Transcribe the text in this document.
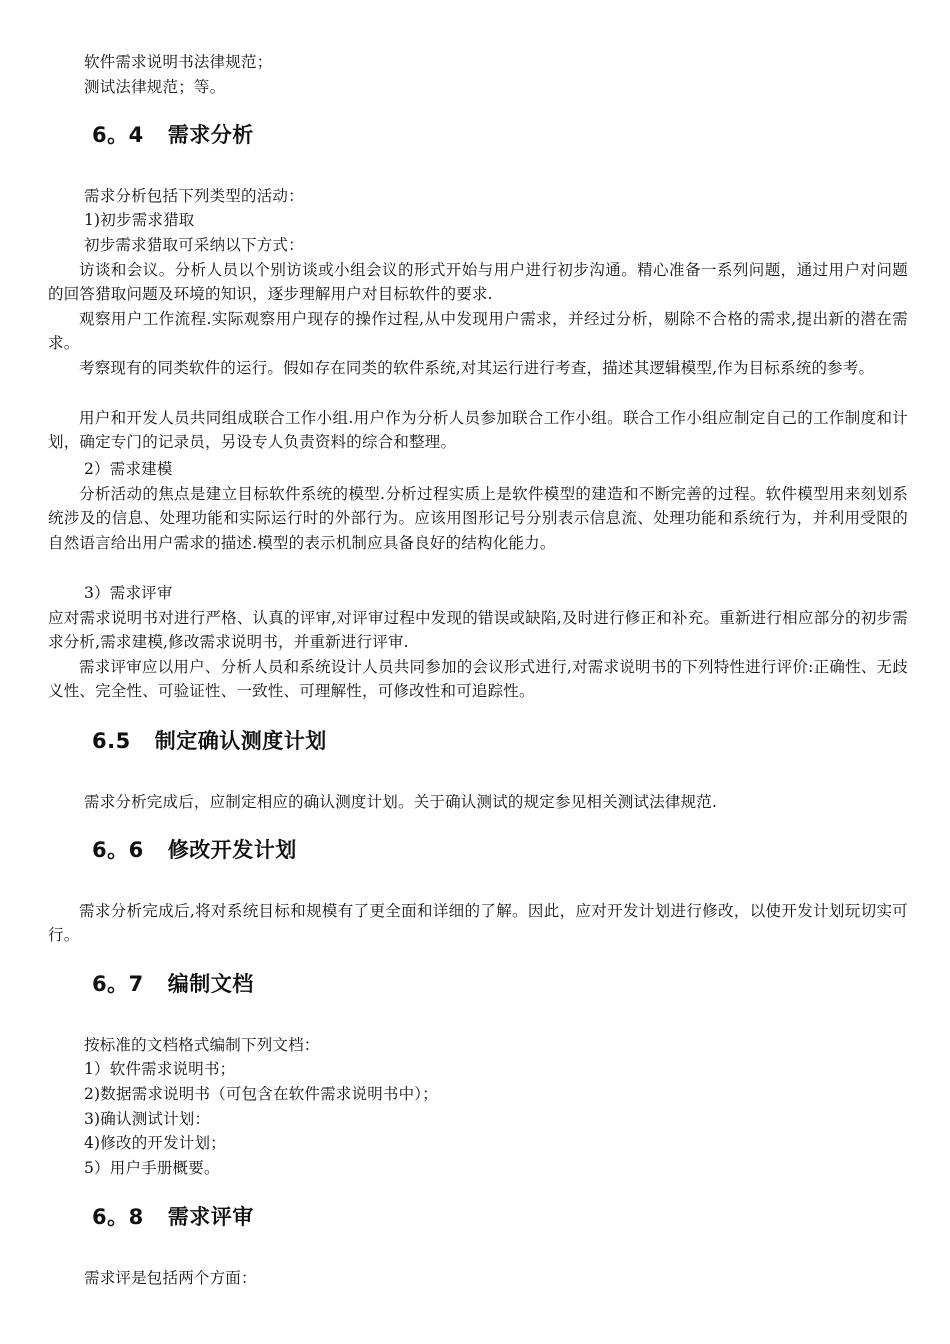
软件需求说明书法律规范；
测试法律规范；等。
6。4 需求分析
需求分析包括下列类型的活动：
1)初步需求猎取
初步需求猎取可采纳以下方式：
访谈和会议。分析人员以个别访谈或小组会议的形式开始与用户进行初步沟通。精心准备一系列问题，通过用户对问题的回答猎取问题及环境的知识，逐步理解用户对目标软件的要求.
观察用户工作流程.实际观察用户现存的操作过程,从中发现用户需求，并经过分析，剔除不合格的需求,提出新的潜在需求。
考察现有的同类软件的运行。假如存在同类的软件系统,对其运行进行考查，描述其逻辑模型,作为目标系统的参考。
用户和开发人员共同组成联合工作小组.用户作为分析人员参加联合工作小组。联合工作小组应制定自己的工作制度和计划，确定专门的记录员，另设专人负责资料的综合和整理。
2）需求建模
分析活动的焦点是建立目标软件系统的模型.分析过程实质上是软件模型的建造和不断完善的过程。软件模型用来刻划系统涉及的信息、处理功能和实际运行时的外部行为。应该用图形记号分别表示信息流、处理功能和系统行为，并利用受限的自然语言给出用户需求的描述.模型的表示机制应具备良好的结构化能力。
3）需求评审
应对需求说明书对进行严格、认真的评审,对评审过程中发现的错误或缺陷,及时进行修正和补充。重新进行相应部分的初步需求分析,需求建模,修改需求说明书，并重新进行评审.
需求评审应以用户、分析人员和系统设计人员共同参加的会议形式进行,对需求说明书的下列特性进行评价:正确性、无歧义性、完全性、可验证性、一致性、可理解性，可修改性和可追踪性。
6.5 制定确认测度计划
需求分析完成后，应制定相应的确认测度计划。关于确认测试的规定参见相关测试法律规范.
6。6 修改开发计划
需求分析完成后,将对系统目标和规模有了更全面和详细的了解。因此，应对开发计划进行修改，以使开发计划玩切实可行。
6。7 编制文档
按标准的文档格式编制下列文档：
1）软件需求说明书；
2)数据需求说明书（可包含在软件需求说明书中）；
3)确认测试计划：
4)修改的开发计划；
5）用户手册概要。
6。8 需求评审
需求评是包括两个方面：
